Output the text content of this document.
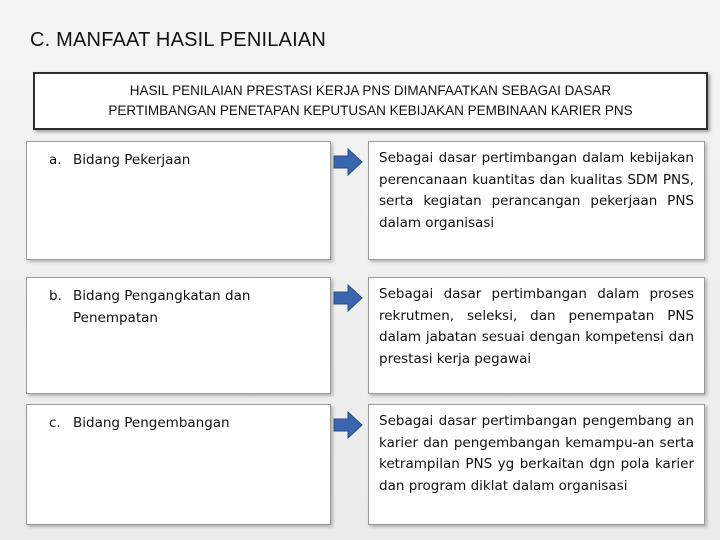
C. MANFAAT HASIL PENILAIAN
HASIL PENILAIAN PRESTASI KERJA PNS DIMANFAATKAN SEBAGAI DASAR
PERTIMBANGAN PENETAPAN KEPUTUSAN KEBIJAKAN PEMBINAAN KARIER PNS
a. Bidang Pekerjaan	Sebagai dasar pertimbangan dalam kebijakan perencanaan kuantitas dan kualitas SDM PNS, serta kegiatan perancangan pekerjaan PNS dalam organisasi
b. Bidang Pengangkatan dan Penempatan
Sebagai dasar pertimbangan dalam proses rekrutmen, seleksi, dan penempatan PNS dalam jabatan sesuai dengan kompetensi dan prestasi kerja pegawai
c. Bidang Pengembangan	Sebagai dasar pertimbangan pengembang an karier dan pengembangan kemampu-an serta ketrampilan PNS yg berkaitan dgn pola karier dan program diklat dalam organisasi
